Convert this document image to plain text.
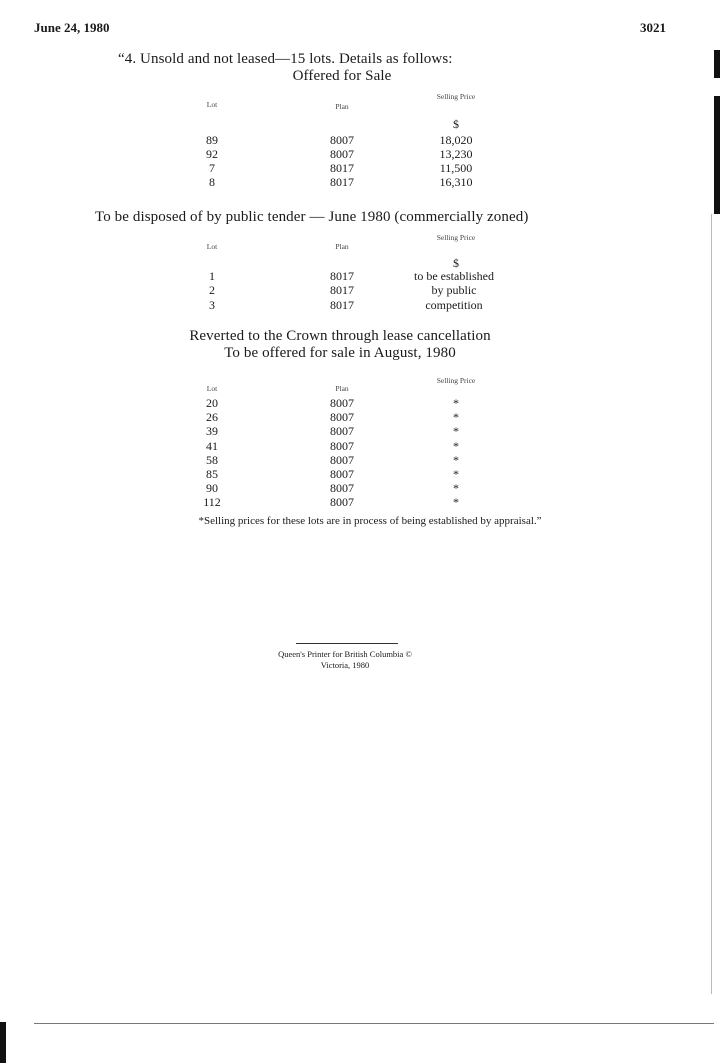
June 24, 1980	3021
“4. Unsold and not leased—15 lots. Details as follows:
Offered for Sale
Lot	Plan
Selling Price
$
89	8007	18,020
92	8007	13,230
7	8017	11,500
8	8017	16,310
To be disposed of by public tender — June 1980 (commercially zoned)
Lot	Plan
Selling Price
$
1	8017	to be established
2	8017	by public
3	8017	competition
Reverted to the Crown through lease cancellation
To be offered for sale in August, 1980
Lot	Plan
Selling Price
20	8007	*
26	8007	*
39	8007	*
41	8007	*
58	8007	*
85	8007	*
90	8007	*
112	8007	*
*Selling prices for these lots are in process of being established by appraisal.”
Queen's Printer for British Columbia ©
Victoria, 1980
